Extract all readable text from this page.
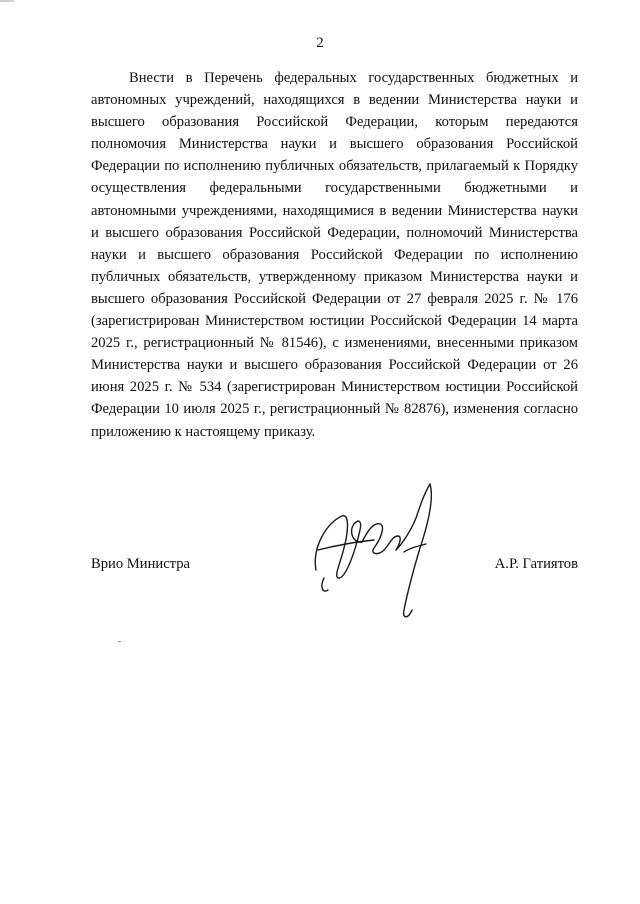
2

Внести в Перечень федеральных государственных бюджетных и автономных учреждений, находящихся в ведении Министерства науки и высшего образования Российской Федерации, которым передаются полномочия Министерства науки и высшего образования Российской Федерации по исполнению публичных обязательств, прилагаемый к Порядку осуществления федеральными государственными бюджетными и автономными учреждениями, находящимися в ведении Министерства науки и высшего образования Российской Федерации, полномочий Министерства науки и высшего образования Российской Федерации по исполнению публичных обязательств, утвержденному приказом Министерства науки и высшего образования Российской Федерации от 27 февраля 2025 г. № 176 (зарегистрирован Министерством юстиции Российской Федерации 14 марта 2025 г., регистрационный № 81546), с изменениями, внесенными приказом Министерства науки и высшего образования Российской Федерации от 26 июня 2025 г. № 534 (зарегистрирован Министерством юстиции Российской Федерации 10 июля 2025 г., регистрационный № 82876), изменения согласно приложению к настоящему приказу.

Врио Министра	А.Р. Гатиятов
